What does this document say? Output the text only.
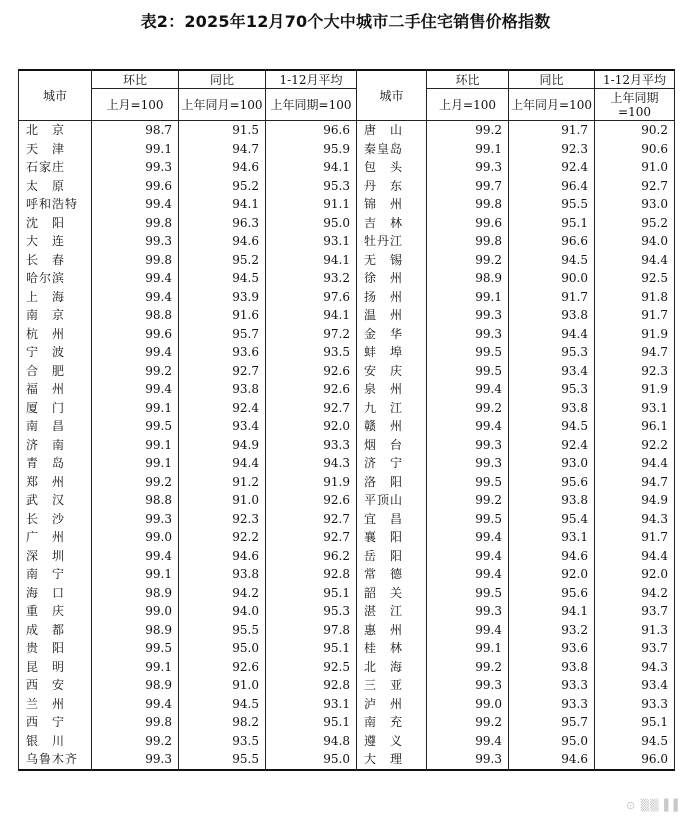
表2：2025年12月70个大中城市二手住宅销售价格指数
城市	环比	同比	1-12月平均	城市	环比	同比	1-12月平均
	上月=100	上年同月=100	上年同期=100		上月=100	上年同月=100	上年同期=100
北　京	98.7	91.5	96.6	唐　山	99.2	91.7	90.2
天　津	99.1	94.7	95.9	秦皇岛	99.1	92.3	90.6
石家庄	99.3	94.6	94.1	包　头	99.3	92.4	91.0
太　原	99.6	95.2	95.3	丹　东	99.7	96.4	92.7
呼和浩特	99.4	94.1	91.1	锦　州	99.8	95.5	93.0
沈　阳	99.8	96.3	95.0	吉　林	99.6	95.1	95.2
大　连	99.3	94.6	93.1	牡丹江	99.8	96.6	94.0
长　春	99.8	95.2	94.1	无　锡	99.2	94.5	94.4
哈尔滨	99.4	94.5	93.2	徐　州	98.9	90.0	92.5
上　海	99.4	93.9	97.6	扬　州	99.1	91.7	91.8
南　京	98.8	91.6	94.1	温　州	99.3	93.8	91.7
杭　州	99.6	95.7	97.2	金　华	99.3	94.4	91.9
宁　波	99.4	93.6	93.5	蚌　埠	99.5	95.3	94.7
合　肥	99.2	92.7	92.6	安　庆	99.5	93.4	92.3
福　州	99.4	93.8	92.6	泉　州	99.4	95.3	91.9
厦　门	99.1	92.4	92.7	九　江	99.2	93.8	93.1
南　昌	99.5	93.4	92.0	赣　州	99.4	94.5	96.1
济　南	99.1	94.9	93.3	烟　台	99.3	92.4	92.2
青　岛	99.1	94.4	94.3	济　宁	99.3	93.0	94.4
郑　州	99.2	91.2	91.9	洛　阳	99.5	95.6	94.7
武　汉	98.8	91.0	92.6	平顶山	99.2	93.8	94.9
长　沙	99.3	92.3	92.7	宜　昌	99.5	95.4	94.3
广　州	99.0	92.2	92.7	襄　阳	99.4	93.1	91.7
深　圳	99.4	94.6	96.2	岳　阳	99.4	94.6	94.4
南　宁	99.1	93.8	92.8	常　德	99.4	92.0	92.0
海　口	98.9	94.2	95.1	韶　关	99.5	95.6	94.2
重　庆	99.0	94.0	95.3	湛　江	99.3	94.1	93.7
成　都	98.9	95.5	97.8	惠　州	99.4	93.2	91.3
贵　阳	99.5	95.0	95.1	桂　林	99.1	93.6	93.7
昆　明	99.1	92.6	92.5	北　海	99.2	93.8	94.3
西　安	98.9	91.0	92.8	三　亚	99.3	93.3	93.4
兰　州	99.4	94.5	93.1	泸　州	99.0	93.3	93.3
西　宁	99.8	98.2	95.1	南　充	99.2	95.7	95.1
银　川	99.2	93.5	94.8	遵　义	99.4	95.0	94.5
乌鲁木齐	99.3	95.5	95.0	大　理	99.3	94.6	96.0
⊙ ▒▒ ▌▌
